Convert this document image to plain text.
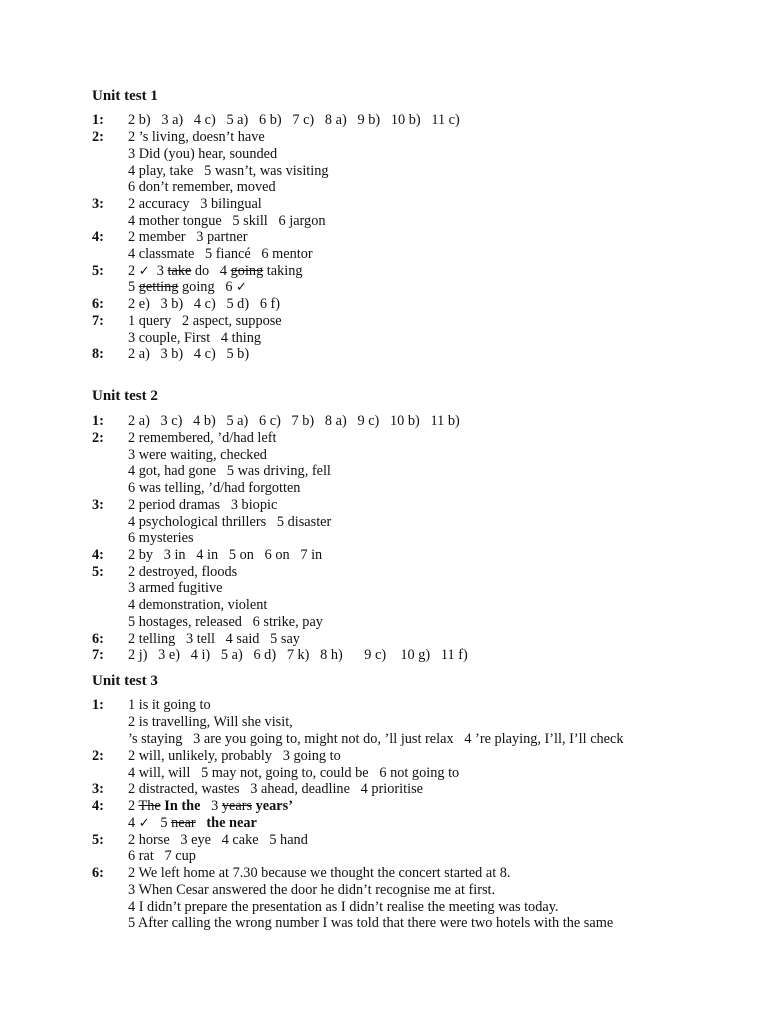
Unit test 1
1:	2 b)   3 a)   4 c)   5 a)   6 b)   7 c)   8 a)   9 b)   10 b)   11 c)
2:	2 ’s living, doesn’t have
3 Did (you) hear, sounded
4 play, take   5 wasn’t, was visiting
6 don’t remember, moved
3:	2 accuracy   3 bilingual
4 mother tongue   5 skill   6 jargon
4:	2 member   3 partner
4 classmate   5 fiancé   6 mentor
5:	2 ✓  3 take do   4 going taking
5 getting going   6 ✓
6:	2 e)   3 b)   4 c)   5 d)   6 f)
7:	1 query   2 aspect, suppose
3 couple, First   4 thing
8:	2 a)   3 b)   4 c)   5 b)
Unit test 2
1:	2 a)   3 c)   4 b)   5 a)   6 c)   7 b)   8 a)   9 c)   10 b)   11 b)
2:	2 remembered, ’d/had left
3 were waiting, checked
4 got, had gone   5 was driving, fell
6 was telling, ’d/had forgotten
3:	2 period dramas   3 biopic
4 psychological thrillers   5 disaster
6 mysteries
4:	2 by   3 in   4 in   5 on   6 on   7 in
5:	2 destroyed, floods
3 armed fugitive
4 demonstration, violent
5 hostages, released   6 strike, pay
6:	2 telling   3 tell   4 said   5 say
7:	2 j)   3 e)   4 i)   5 a)   6 d)   7 k)   8 h)      9 c)    10 g)   11 f)
Unit test 3
1:	1 is it going to
2 is travelling, Will she visit,
’s staying   3 are you going to, might not do, ’ll just relax   4 ’re playing, I’ll, I’ll check
2:	2 will, unlikely, probably   3 going to
4 will, will   5 may not, going to, could be   6 not going to
3:	2 distracted, wastes   3 ahead, deadline   4 prioritise
4:	2 The In the   3 years years’
4 ✓   5 near   the near
5:	2 horse   3 eye   4 cake   5 hand
6 rat   7 cup
6:	2 We left home at 7.30 because we thought the concert started at 8.
3 When Cesar answered the door he didn’t recognise me at first.
4 I didn’t prepare the presentation as I didn’t realise the meeting was today.
5 After calling the wrong number I was told that there were two hotels with the same
